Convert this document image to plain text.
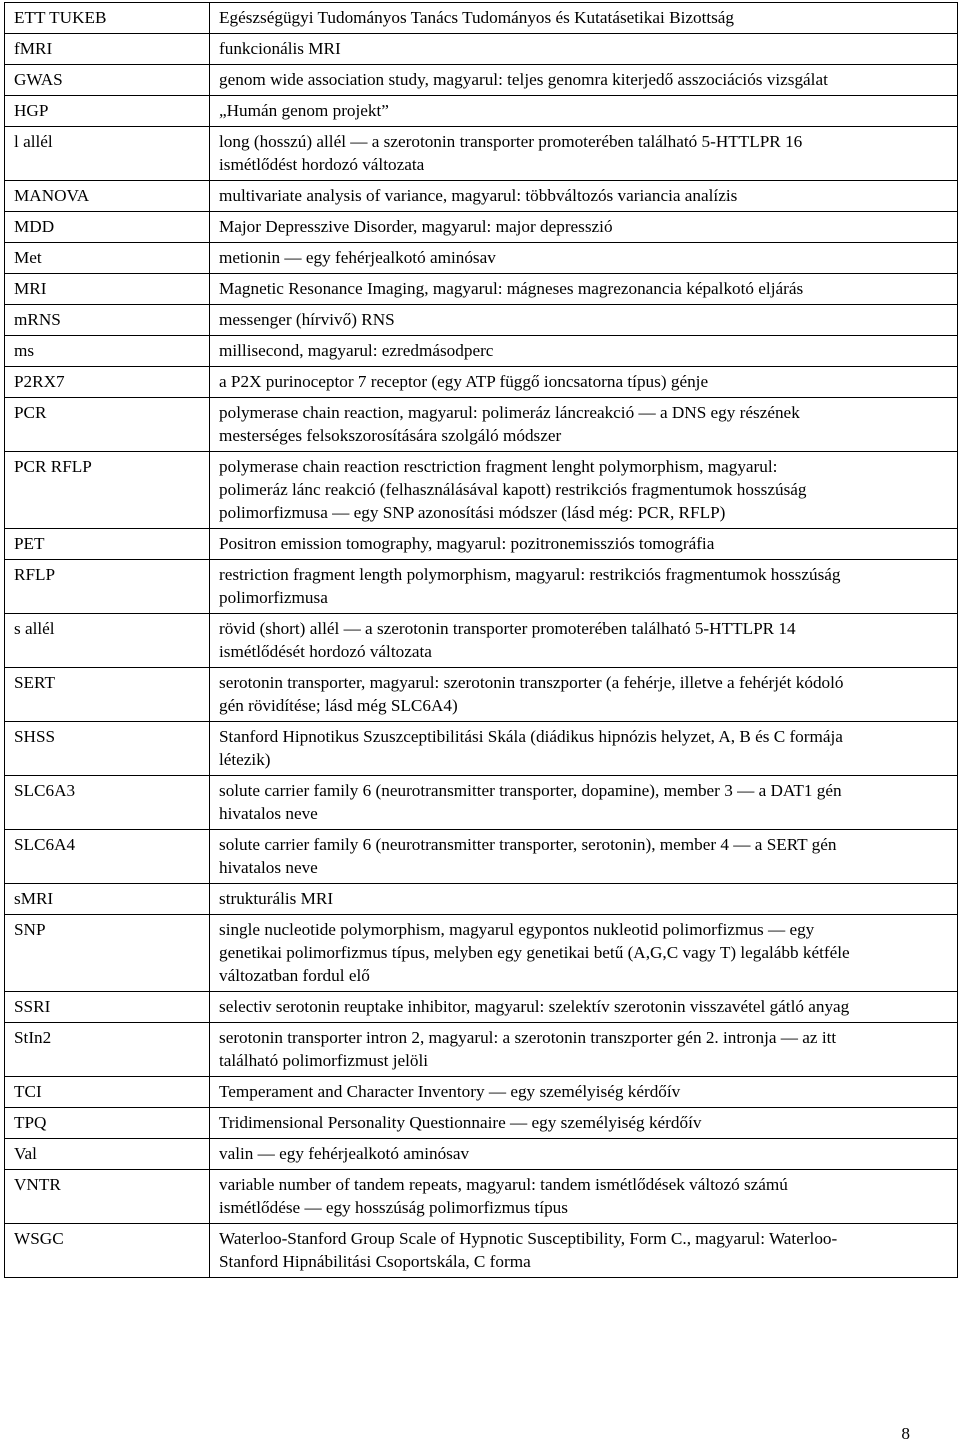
ETT TUKEB	Egészségügyi Tudományos Tanács Tudományos és Kutatásetikai Bizottság
fMRI	funkcionális MRI
GWAS	genom wide association study, magyarul: teljes genomra kiterjedő asszociációs vizsgálat
HGP	„Humán genom projekt”
l allél	long (hosszú) allél ― a szerotonin transporter promoterében található 5-HTTLPR 16
ismétlődést hordozó változata
MANOVA	multivariate analysis of variance, magyarul: többváltozós variancia analízis
MDD	Major Depresszive Disorder, magyarul: major depresszió
Met	metionin ― egy fehérjealkotó aminósav
MRI	Magnetic Resonance Imaging, magyarul: mágneses magrezonancia képalkotó eljárás
mRNS	messenger (hírvivő) RNS
ms	millisecond, magyarul: ezredmásodperc
P2RX7	a P2X purinoceptor 7 receptor (egy ATP függő ioncsatorna típus) génje
PCR	polymerase chain reaction, magyarul: polimeráz láncreakció ― a DNS egy részének
mesterséges felsokszorosítására szolgáló módszer
PCR RFLP	polymerase chain reaction resctriction fragment lenght polymorphism, magyarul:
polimeráz lánc reakció (felhasználásával kapott) restrikciós fragmentumok hosszúság
polimorfizmusa ― egy SNP azonosítási módszer (lásd még: PCR, RFLP)
PET	Positron emission tomography, magyarul: pozitronemissziós tomográfia
RFLP	restriction fragment length polymorphism, magyarul: restrikciós fragmentumok hosszúság
polimorfizmusa
s allél	rövid (short) allél ― a szerotonin transporter promoterében található 5-HTTLPR 14
ismétlődését hordozó változata
SERT	serotonin transporter, magyarul: szerotonin transzporter (a fehérje, illetve a fehérjét kódoló
gén rövidítése; lásd még SLC6A4)
SHSS	Stanford Hipnotikus Szuszceptibilitási Skála (diádikus hipnózis helyzet, A, B és C formája
létezik)
SLC6A3	solute carrier family 6 (neurotransmitter transporter, dopamine), member 3 ― a DAT1 gén
hivatalos neve
SLC6A4	solute carrier family 6 (neurotransmitter transporter, serotonin), member 4 ― a SERT gén
hivatalos neve
sMRI	strukturális MRI
SNP	single nucleotide polymorphism, magyarul egypontos nukleotid polimorfizmus ― egy
genetikai polimorfizmus típus, melyben egy genetikai betű (A,G,C vagy T) legalább kétféle
változatban fordul elő
SSRI	selectiv serotonin reuptake inhibitor, magyarul: szelektív szerotonin visszavétel gátló anyag
StIn2	serotonin transporter intron 2, magyarul: a szerotonin transzporter gén 2. intronja ― az itt
található polimorfizmust jelöli
TCI	Temperament and Character Inventory ― egy személyiség kérdőív
TPQ	Tridimensional Personality Questionnaire ― egy személyiség kérdőív
Val	valin ― egy fehérjealkotó aminósav
VNTR	variable number of tandem repeats, magyarul: tandem ismétlődések változó számú
ismétlődése ― egy hosszúság polimorfizmus típus
WSGC	Waterloo-Stanford Group Scale of Hypnotic Susceptibility, Form C., magyarul: Waterloo-
Stanford Hipnábilitási Csoportskála, C forma
8
